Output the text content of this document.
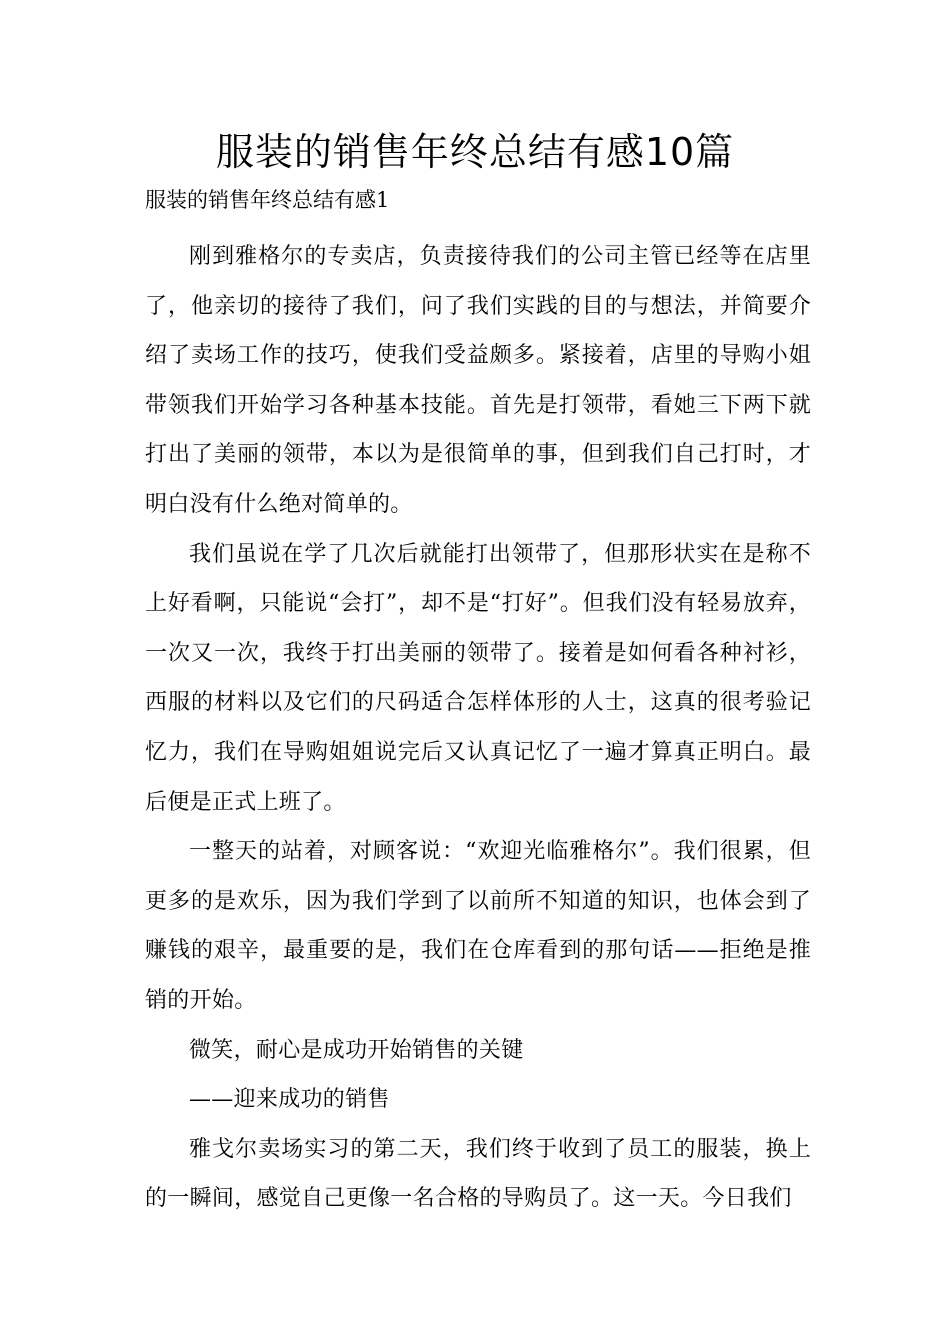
服装的销售年终总结有感10篇
服装的销售年终总结有感1

刚到雅格尔的专卖店，负责接待我们的公司主管已经等在店里了，他亲切的接待了我们，问了我们实践的目的与想法，并简要介绍了卖场工作的技巧，使我们受益颇多。紧接着，店里的导购小姐带领我们开始学习各种基本技能。首先是打领带，看她三下两下就打出了美丽的领带，本以为是很简单的事，但到我们自己打时，才明白没有什么绝对简单的。

我们虽说在学了几次后就能打出领带了，但那形状实在是称不上好看啊，只能说“会打”，却不是“打好”。但我们没有轻易放弃，一次又一次，我终于打出美丽的领带了。接着是如何看各种衬衫，西服的材料以及它们的尺码适合怎样体形的人士，这真的很考验记忆力，我们在导购姐姐说完后又认真记忆了一遍才算真正明白。最后便是正式上班了。

一整天的站着，对顾客说：“欢迎光临雅格尔”。我们很累，但更多的是欢乐，因为我们学到了以前所不知道的知识，也体会到了赚钱的艰辛，最重要的是，我们在仓库看到的那句话——拒绝是推销的开始。

微笑，耐心是成功开始销售的关键

——迎来成功的销售

雅戈尔卖场实习的第二天，我们终于收到了员工的服装，换上的一瞬间，感觉自己更像一名合格的导购员了。这一天。今日我们
